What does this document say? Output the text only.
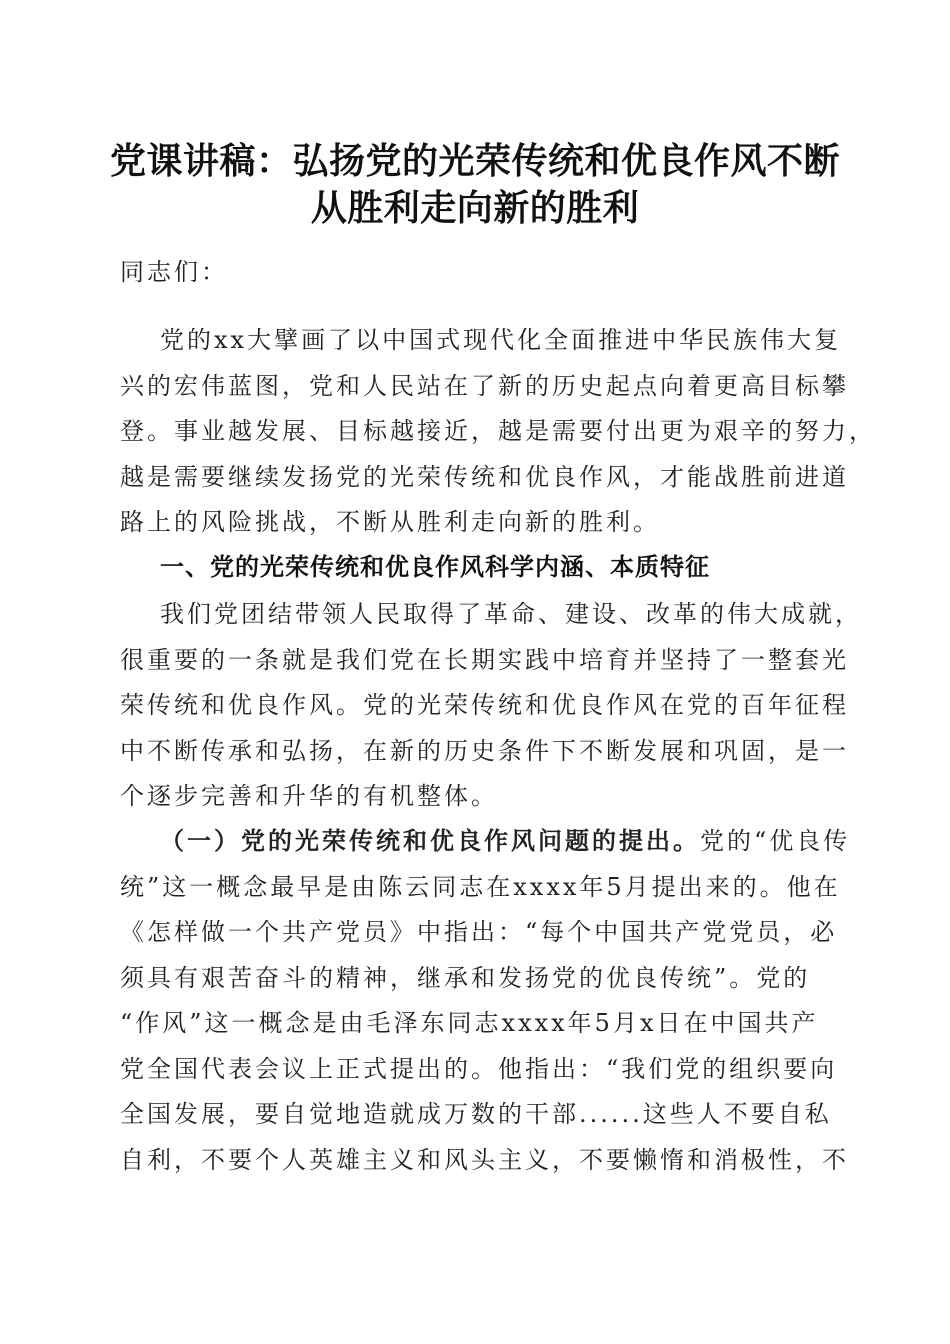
党课讲稿：弘扬党的光荣传统和优良作风不断
从胜利走向新的胜利
同志们：
党的xx大擘画了以中国式现代化全面推进中华民族伟大复
兴的宏伟蓝图，党和人民站在了新的历史起点向着更高目标攀
登。事业越发展、目标越接近，越是需要付出更为艰辛的努力，
越是需要继续发扬党的光荣传统和优良作风，才能战胜前进道
路上的风险挑战，不断从胜利走向新的胜利。
一、党的光荣传统和优良作风科学内涵、本质特征
我们党团结带领人民取得了革命、建设、改革的伟大成就，
很重要的一条就是我们党在长期实践中培育并坚持了一整套光
荣传统和优良作风。党的光荣传统和优良作风在党的百年征程
中不断传承和弘扬，在新的历史条件下不断发展和巩固，是一
个逐步完善和升华的有机整体。
（一）党的光荣传统和优良作风问题的提出。党的“优良传
统”这一概念最早是由陈云同志在xxxx年5月提出来的。他在
《怎样做一个共产党员》中指出：“每个中国共产党党员，必
须具有艰苦奋斗的精神，继承和发扬党的优良传统”。党的
“作风”这一概念是由毛泽东同志xxxx年5月x日在中国共产
党全国代表会议上正式提出的。他指出：“我们党的组织要向
全国发展，要自觉地造就成万数的干部......这些人不要自私
自利，不要个人英雄主义和风头主义，不要懒惰和消极性，不
